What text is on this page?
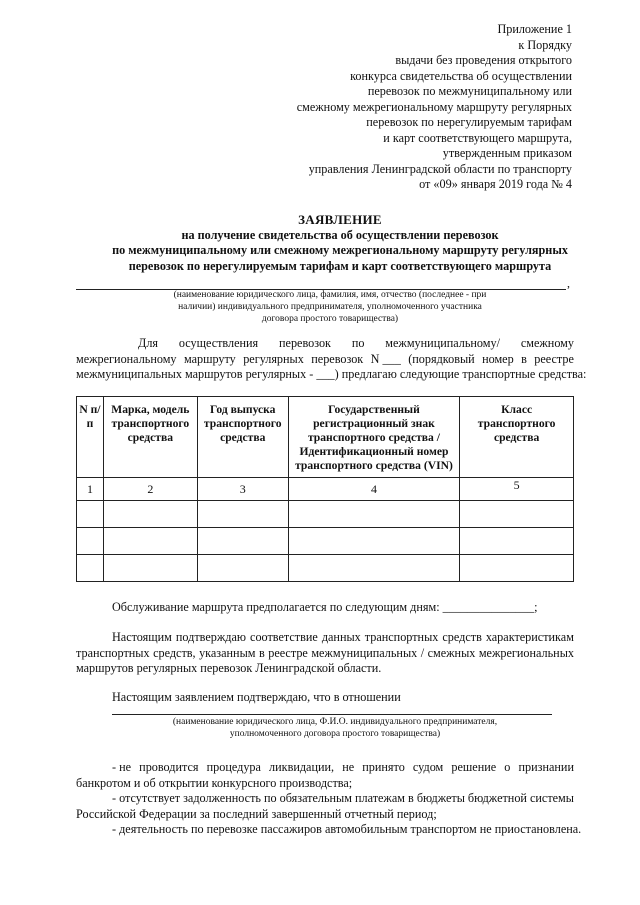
Приложение 1
к Порядку
выдачи без проведения открытого
конкурса свидетельства об осуществлении
перевозок по межмуниципальному или
смежному межрегиональному маршруту регулярных
перевозок по нерегулируемым тарифам
и карт соответствующего маршрута,
утвержденным приказом
управления Ленинградской области по транспорту
от «09» января 2019 года № 4
ЗАЯВЛЕНИЕ
на получение свидетельства об осуществлении перевозок
по межмуниципальному или смежному межрегиональному маршруту регулярных
перевозок по нерегулируемым тарифам и карт соответствующего маршрута
,
(наименование юридического лица, фамилия, имя, отчество (последнее - при
наличии) индивидуального предпринимателя, уполномоченного участника
договора простого товарищества)
Для осуществления перевозок по межмуниципальному/ смежному
межрегиональному маршруту регулярных перевозок N ___ (порядковый номер в реестре
межмуниципальных маршрутов регулярных - ___) предлагаю следующие транспортные средства:
N п/п	Марка, модель транспортного средства	Год выпуска транспортного средства	Государственный регистрационный знак транспортного средства /Идентификационный номер транспортного средства (VIN)	Класс транспортного средства
1	2	3	4	5

Обслуживание маршрута предполагается по следующим дням: _______________;
Настоящим подтверждаю соответствие данных транспортных средств характеристикам
транспортных средств, указанным в реестре межмуниципальных / смежных межрегиональных
маршрутов регулярных перевозок Ленинградской области.
Настоящим заявлением подтверждаю, что в отношении
(наименование юридического лица, Ф.И.О. индивидуального предпринимателя,
уполномоченного договора простого товарищества)
- не проводится процедура ликвидации, не принято судом решение о признании
банкротом и об открытии конкурсного производства;
- отсутствует задолженность по обязательным платежам в бюджеты бюджетной системы
Российской Федерации за последний завершенный отчетный период;
- деятельность по перевозке пассажиров автомобильным транспортом не приостановлена.
